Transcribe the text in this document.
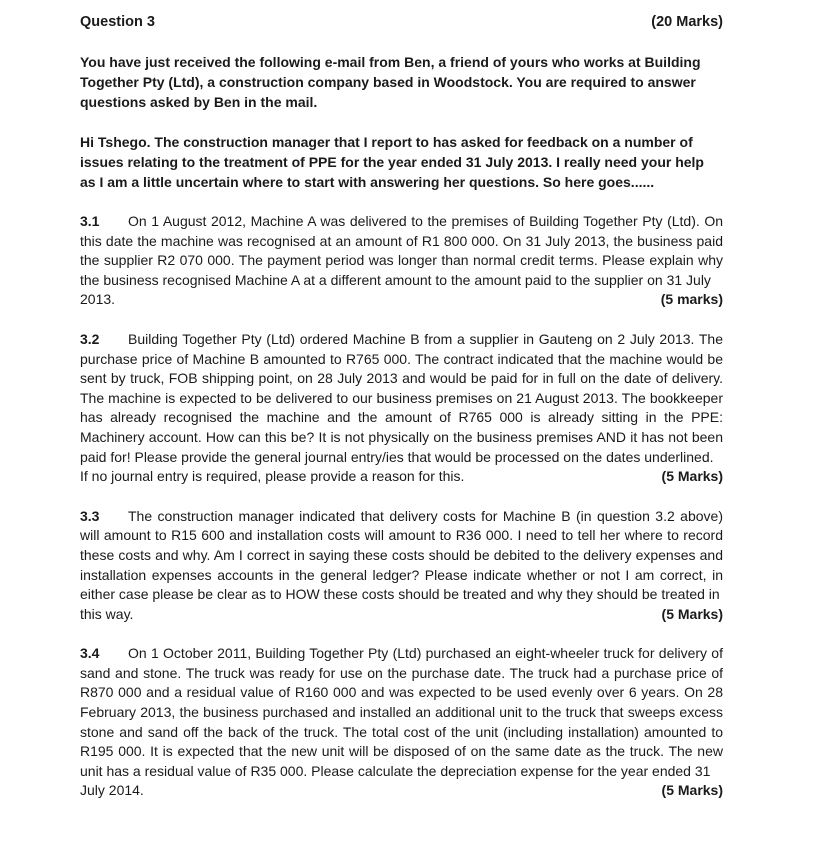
Question 3	(20 Marks)
You have just received the following e-mail from Ben, a friend of yours who works at Building Together Pty (Ltd), a construction company based in Woodstock. You are required to answer questions asked by Ben in the mail.
Hi Tshego. The construction manager that I report to has asked for feedback on a number of issues relating to the treatment of PPE for the year ended 31 July 2013. I really need your help as I am a little uncertain where to start with answering her questions. So here goes......

3.1 On 1 August 2012, Machine A was delivered to the premises of Building Together Pty (Ltd). On this date the machine was recognised at an amount of R1 800 000. On 31 July 2013, the business paid the supplier R2 070 000. The payment period was longer than normal credit terms. Please explain why the business recognised Machine A at a different amount to the amount paid to the supplier on 31 July

2013.	(5 marks)

3.2 Building Together Pty (Ltd) ordered Machine B from a supplier in Gauteng on 2 July 2013. The purchase price of Machine B amounted to R765 000. The contract indicated that the machine would be sent by truck, FOB shipping point, on 28 July 2013 and would be paid for in full on the date of delivery. The machine is expected to be delivered to our business premises on 21 August 2013. The bookkeeper has already recognised the machine and the amount of R765 000 is already sitting in the PPE: Machinery account. How can this be? It is not physically on the business premises AND it has not been paid for! Please provide the general journal entry/ies that would be processed on the dates underlined.

If no journal entry is required, please provide a reason for this.	(5 Marks)

3.3 The construction manager indicated that delivery costs for Machine B (in question 3.2 above) will amount to R15 600 and installation costs will amount to R36 000. I need to tell her where to record these costs and why. Am I correct in saying these costs should be debited to the delivery expenses and installation expenses accounts in the general ledger? Please indicate whether or not I am correct, in either case please be clear as to HOW these costs should be treated and why they should be treated in

this way.	(5 Marks)

3.4 On 1 October 2011, Building Together Pty (Ltd) purchased an eight-wheeler truck for delivery of sand and stone. The truck was ready for use on the purchase date. The truck had a purchase price of R870 000 and a residual value of R160 000 and was expected to be used evenly over 6 years. On 28 February 2013, the business purchased and installed an additional unit to the truck that sweeps excess stone and sand off the back of the truck. The total cost of the unit (including installation) amounted to R195 000. It is expected that the new unit will be disposed of on the same date as the truck. The new unit has a residual value of R35 000. Please calculate the depreciation expense for the year ended 31

July 2014.	(5 Marks)
